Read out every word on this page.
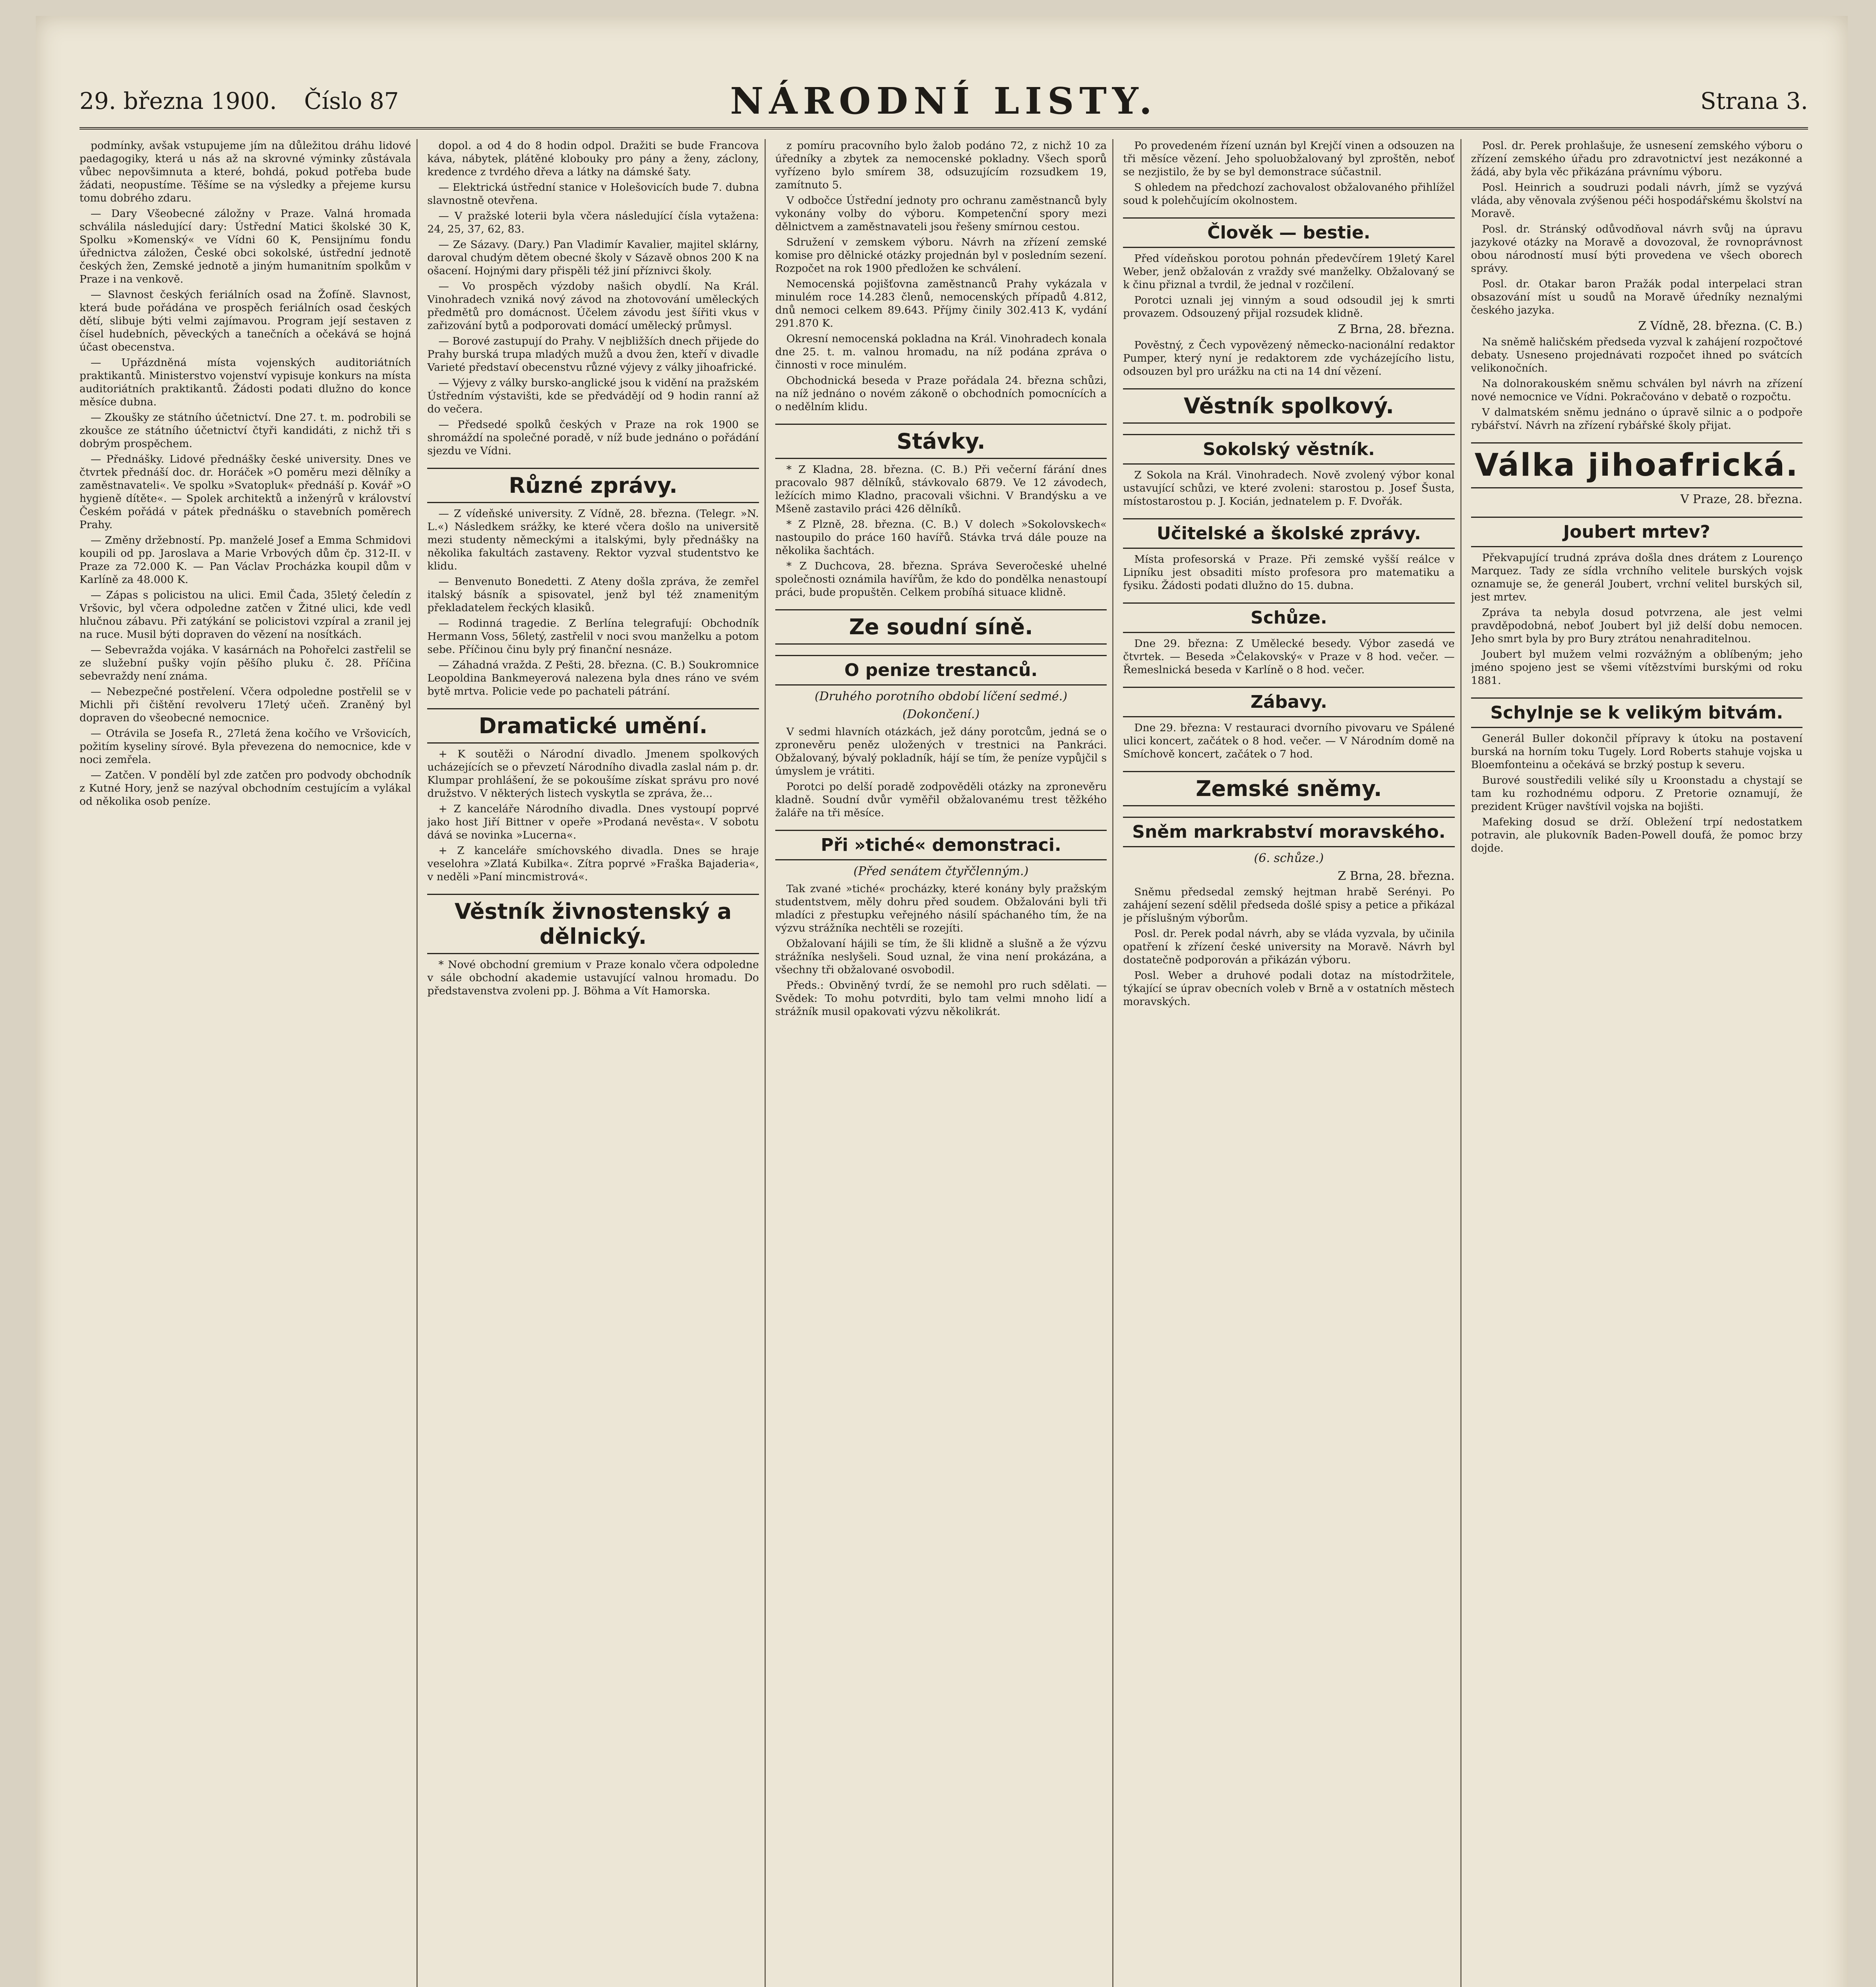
29. března 1900. Číslo 87	NÁRODNÍ LISTY.	Strana 3.

podmínky, avšak vstupujeme jím na důležitou dráhu lidové paedagogiky, která u nás až na skrovné výminky zůstávala vůbec nepovšimnuta a které, bohdá, pokud potřeba bude žádati, neopustíme. Těšíme se na výsledky a přejeme kursu tomu dobrého zdaru.

— Dary Všeobecné záložny v Praze. Valná hromada schválila následující dary: Ústřední Matici školské 30 K, Spolku »Komenský« ve Vídni 60 K, Pensijnímu fondu úřednictva záložen, České obci sokolské, ústřední jednotě českých žen, Zemské jednotě a jiným humanitním spolkům v Praze i na venkově.

— Slavnost českých feriálních osad na Žofíně. Slavnost, která bude pořádána ve prospěch feriálních osad českých dětí, slibuje býti velmi zajímavou. Program její sestaven z čísel hudebních, pěveckých a tanečních a očekává se hojná účast obecenstva.

— Upřázdněná místa vojenských auditoriátních praktikantů. Ministerstvo vojenství vypisuje konkurs na místa auditoriátních praktikantů. Žádosti podati dlužno do konce měsíce dubna.

— Zkoušky ze státního účetnictví. Dne 27. t. m. podrobili se zkoušce ze státního účetnictví čtyři kandidáti, z nichž tři s dobrým prospěchem.

— Přednášky. Lidové přednášky české university. Dnes ve čtvrtek přednáší doc. dr. Horáček »O poměru mezi dělníky a zaměstnavateli«. Ve spolku »Svatopluk« přednáší p. Kovář »O hygieně dítěte«. — Spolek architektů a inženýrů v království Českém pořádá v pátek přednášku o stavebních poměrech Prahy.

— Změny držebností. Pp. manželé Josef a Emma Schmidovi koupili od pp. Jaroslava a Marie Vrbových dům čp. 312-II. v Praze za 72.000 K. — Pan Václav Procházka koupil dům v Karlíně za 48.000 K.

— Zápas s policistou na ulici. Emil Čada, 35letý čeledín z Vršovic, byl včera odpoledne zatčen v Žitné ulici, kde vedl hlučnou zábavu. Při zatýkání se policistovi vzpíral a zranil jej na ruce. Musil býti dopraven do vězení na nosítkách.

— Sebevražda vojáka. V kasárnách na Pohořelci zastřelil se ze služební pušky vojín pěšího pluku č. 28. Příčina sebevraždy není známa.

— Nebezpečné postřelení. Včera odpoledne postřelil se v Michli při čištění revolveru 17letý učeň. Zraněný byl dopraven do všeobecné nemocnice.

— Otrávila se Josefa R., 27letá žena kočího ve Vršovicích, požitím kyseliny sírové. Byla převezena do nemocnice, kde v noci zemřela.

— Zatčen. V pondělí byl zde zatčen pro podvody obchodník z Kutné Hory, jenž se nazýval obchodním cestujícím a vylákal od několika osob peníze.

dopol. a od 4 do 8 hodin odpol. Dražiti se bude Francova káva, nábytek, plátěné klobouky pro pány a ženy, záclony, kredence z tvrdého dřeva a látky na dámské šaty.

— Elektrická ústřední stanice v Holešovicích bude 7. dubna slavnostně otevřena.

— V pražské loterii byla včera následující čísla vytažena: 24, 25, 37, 62, 83.

— Ze Sázavy. (Dary.) Pan Vladimír Kavalier, majitel sklárny, daroval chudým dětem obecné školy v Sázavě obnos 200 K na ošacení. Hojnými dary přispěli též jiní příznivci školy.

— Vo prospěch výzdoby našich obydlí. Na Král. Vinohradech vzniká nový závod na zhotovování uměleckých předmětů pro domácnost. Účelem závodu jest šířiti vkus v zařizování bytů a podporovati domácí umělecký průmysl.

— Borové zastupují do Prahy. V nejbližších dnech přijede do Prahy burská trupa mladých mužů a dvou žen, kteří v divadle Varieté představí obecenstvu různé výjevy z války jihoafrické.

— Výjevy z války bursko-anglické jsou k vidění na pražském Ústředním výstavišti, kde se předvádějí od 9 hodin ranní až do večera.

— Předsedé spolků českých v Praze na rok 1900 se shromáždí na společné poradě, v níž bude jednáno o pořádání sjezdu ve Vídni.

Různé zprávy.

— Z vídeňské university. Z Vídně, 28. března. (Telegr. »N. L.«) Následkem srážky, ke které včera došlo na universitě mezi studenty německými a italskými, byly přednášky na několika fakultách zastaveny. Rektor vyzval studentstvo ke klidu.

— Benvenuto Bonedetti. Z Ateny došla zpráva, že zemřel italský básník a spisovatel, jenž byl též znamenitým překladatelem řeckých klasiků.

— Rodinná tragedie. Z Berlína telegrafují: Obchodník Hermann Voss, 56letý, zastřelil v noci svou manželku a potom sebe. Příčinou činu byly prý finanční nesnáze.

— Záhadná vražda. Z Pešti, 28. března. (C. B.) Soukromnice Leopoldina Bankmeyerová nalezena byla dnes ráno ve svém bytě mrtva. Policie vede po pachateli pátrání.

Dramatické umění.

+ K soutěži o Národní divadlo. Jmenem spolkových ucházejících se o převzetí Národního divadla zaslal nám p. dr. Klumpar prohlášení, že se pokoušíme získat správu pro nové družstvo. V některých listech vyskytla se zpráva, že...

+ Z kanceláře Národního divadla. Dnes vystoupí poprvé jako host Jiří Bittner v opeře »Prodaná nevěsta«. V sobotu dává se novinka »Lucerna«.

+ Z kanceláře smíchovského divadla. Dnes se hraje veselohra »Zlatá Kubilka«. Zítra poprvé »Fraška Bajaderia«, v neděli »Paní mincmistrová«.

Věstník živnostenský a dělnický.

* Nové obchodní gremium v Praze konalo včera odpoledne v sále obchodní akademie ustavující valnou hromadu. Do představenstva zvoleni pp. J. Böhma a Vít Hamorska.

z pomíru pracovního bylo žalob podáno 72, z nichž 10 za úředníky a zbytek za nemocenské pokladny. Všech sporů vyřízeno bylo smírem 38, odsuzujícím rozsudkem 19, zamítnuto 5.

V odbočce Ústřední jednoty pro ochranu zaměstnanců byly vykonány volby do výboru. Kompetenční spory mezi dělnictvem a zaměstnavateli jsou řešeny smírnou cestou.

Sdružení v zemskem výboru. Návrh na zřízení zemské komise pro dělnické otázky projednán byl v posledním sezení. Rozpočet na rok 1900 předložen ke schválení.

Nemocenská pojišťovna zaměstnanců Prahy vykázala v minulém roce 14.283 členů, nemocenských případů 4.812, dnů nemoci celkem 89.643. Příjmy činily 302.413 K, vydání 291.870 K.

Okresní nemocenská pokladna na Král. Vinohradech konala dne 25. t. m. valnou hromadu, na níž podána zpráva o činnosti v roce minulém.

Obchodnická beseda v Praze pořádala 24. března schůzi, na níž jednáno o novém zákoně o obchodních pomocnících a o nedělním klidu.

Stávky.

* Z Kladna, 28. března. (C. B.) Při večerní fárání dnes pracovalo 987 dělníků, stávkovalo 6879. Ve 12 závodech, ležících mimo Kladno, pracovali všichni. V Brandýsku a ve Mšeně zastavilo práci 426 dělníků.

* Z Plzně, 28. března. (C. B.) V dolech »Sokolovskech« nastoupilo do práce 160 havířů. Stávka trvá dále pouze na několika šachtách.

* Z Duchcova, 28. března. Správa Severočeské uhelné společnosti oznámila havířům, že kdo do pondělka nenastoupí práci, bude propuštěn. Celkem probíhá situace klidně.

Ze soudní síně.
O penize trestanců.
(Druhého porotního období líčení sedmé.)
(Dokončení.)

V sedmi hlavních otázkách, jež dány porotcům, jedná se o zpronevěru peněz uložených v trestnici na Pankráci. Obžalovaný, bývalý pokladník, hájí se tím, že peníze vypůjčil s úmyslem je vrátiti.

Porotci po delší poradě zodpověděli otázky na zpronevěru kladně. Soudní dvůr vyměřil obžalovanému trest těžkého žaláře na tři měsíce.

Při »tiché« demonstraci.
(Před senátem čtyřčlenným.)

Tak zvané »tiché« procházky, které konány byly pražským studentstvem, měly dohru před soudem. Obžalováni byli tři mladíci z přestupku veřejného násilí spáchaného tím, že na výzvu strážníka nechtěli se rozejíti.

Obžalovaní hájili se tím, že šli klidně a slušně a že výzvu strážníka neslyšeli. Soud uznal, že vina není prokázána, a všechny tři obžalované osvobodil.

Předs.: Obviněný tvrdí, že se nemohl pro ruch sdělati. — Svědek: To mohu potvrditi, bylo tam velmi mnoho lidí a strážník musil opakovati výzvu několikrát.

Po provedeném řízení uznán byl Krejčí vinen a odsouzen na tři měsíce vězení. Jeho spoluobžalovaný byl zproštěn, neboť se nezjistilo, že by se byl demonstrace súčastnil.

S ohledem na předchozí zachovalost obžalovaného přihlížel soud k polehčujícím okolnostem.

Člověk — bestie.

Před vídeňskou porotou pohnán předevčírem 19letý Karel Weber, jenž obžalován z vraždy své manželky. Obžalovaný se k činu přiznal a tvrdil, že jednal v rozčilení.

Porotci uznali jej vinným a soud odsoudil jej k smrti provazem. Odsouzený přijal rozsudek klidně.

Z Brna, 28. března.

Pověstný, z Čech vypovězený německo-nacionální redaktor Pumper, který nyní je redaktorem zde vycházejícího listu, odsouzen byl pro urážku na cti na 14 dní vězení.

Věstník spolkový.
Sokolský věstník.

Z Sokola na Král. Vinohradech. Nově zvolený výbor konal ustavující schůzi, ve které zvoleni: starostou p. Josef Šusta, místostarostou p. J. Kocián, jednatelem p. F. Dvořák.

Učitelské a školské zprávy.

Místa profesorská v Praze. Při zemské vyšší reálce v Lipníku jest obsaditi místo profesora pro matematiku a fysiku. Žádosti podati dlužno do 15. dubna.

Schůze.

Dne 29. března: Z Umělecké besedy. Výbor zasedá ve čtvrtek. — Beseda »Čelakovský« v Praze v 8 hod. večer. — Řemeslnická beseda v Karlíně o 8 hod. večer.

Zábavy.

Dne 29. března: V restauraci dvorního pivovaru ve Spálené ulici koncert, začátek o 8 hod. večer. — V Národním domě na Smíchově koncert, začátek o 7 hod.

Zemské sněmy.
Sněm markrabství moravského.
(6. schůze.)
Z Brna, 28. března.

Sněmu předsedal zemský hejtman hrabě Serényi. Po zahájení sezení sdělil předseda došlé spisy a petice a přikázal je příslušným výborům.

Posl. dr. Perek podal návrh, aby se vláda vyzvala, by učinila opatření k zřízení české university na Moravě. Návrh byl dostatečně podporován a přikázán výboru.

Posl. Weber a druhové podali dotaz na místodržitele, týkající se úprav obecních voleb v Brně a v ostatních městech moravských.

Posl. dr. Perek prohlašuje, že usnesení zemského výboru o zřízení zemského úřadu pro zdravotnictví jest nezákonné a žádá, aby byla věc přikázána právnímu výboru.

Posl. Heinrich a soudruzi podali návrh, jímž se vyzývá vláda, aby věnovala zvýšenou péči hospodářskému školství na Moravě.

Posl. dr. Stránský odůvodňoval návrh svůj na úpravu jazykové otázky na Moravě a dovozoval, že rovnoprávnost obou národností musí býti provedena ve všech oborech správy.

Posl. dr. Otakar baron Pražák podal interpelaci stran obsazování míst u soudů na Moravě úředníky neznalými českého jazyka.

Z Vídně, 28. března. (C. B.)

Na sněmě haličském předseda vyzval k zahájení rozpočtové debaty. Usneseno projednávati rozpočet ihned po svátcích velikonočních.

Na dolnorakouském sněmu schválen byl návrh na zřízení nové nemocnice ve Vídni. Pokračováno v debatě o rozpočtu.

V dalmatském sněmu jednáno o úpravě silnic a o podpoře rybářství. Návrh na zřízení rybářské školy přijat.

Válka jihoafrická.
V Praze, 28. března.
Joubert mrtev?

Překvapující trudná zpráva došla dnes drátem z Lourenço Marquez. Tady ze sídla vrchního velitele burských vojsk oznamuje se, že generál Joubert, vrchní velitel burských sil, jest mrtev.

Zpráva ta nebyla dosud potvrzena, ale jest velmi pravděpodobná, neboť Joubert byl již delší dobu nemocen. Jeho smrt byla by pro Bury ztrátou nenahraditelnou.

Joubert byl mužem velmi rozvážným a oblíbeným; jeho jméno spojeno jest se všemi vítězstvími burskými od roku 1881.

Schylnje se k velikým bitvám.

Generál Buller dokončil přípravy k útoku na postavení burská na horním toku Tugely. Lord Roberts stahuje vojska u Bloemfonteinu a očekává se brzký postup k severu.

Burové soustředili veliké síly u Kroonstadu a chystají se tam ku rozhodnému odporu. Z Pretorie oznamují, že prezident Krüger navštívil vojska na bojišti.

Mafeking dosud se drží. Obležení trpí nedostatkem potravin, ale plukovník Baden-Powell doufá, že pomoc brzy dojde.
